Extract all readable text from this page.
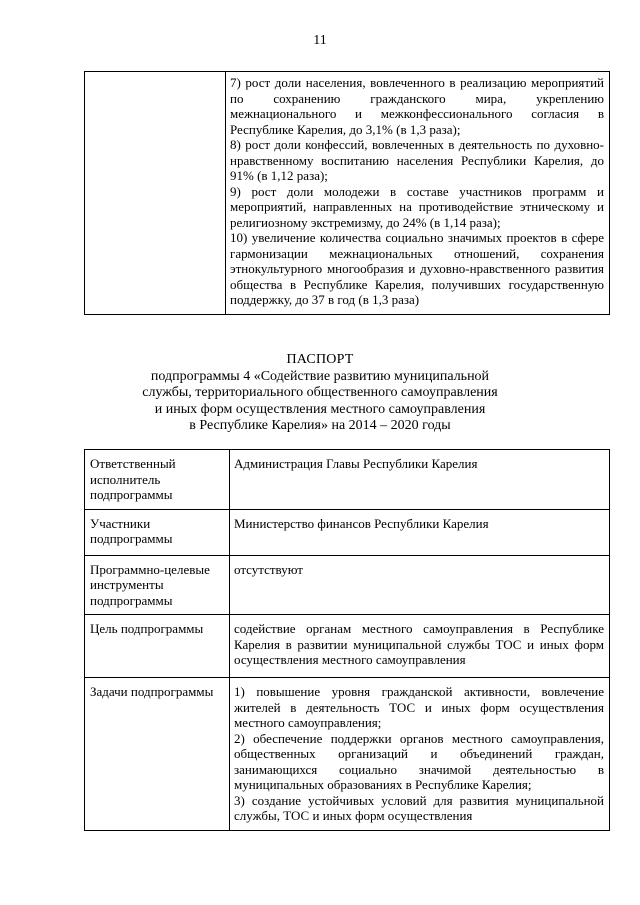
11

7) рост доли населения, вовлеченного в реализацию мероприятий по сохранению гражданского мира, укреплению межнационального и межконфессионального согласия в Республике Карелия, до 3,1% (в 1,3 раза);

8) рост доли конфессий, вовлеченных в деятельность по духовно-нравственному воспитанию населения Республики Карелия, до 91% (в 1,12 раза);

9) рост доли молодежи в составе участников программ и мероприятий, направленных на противодействие этническому и религиозному экстремизму, до 24% (в 1,14 раза);

10) увеличение количества социально значимых проектов в сфере гармонизации межнациональных отношений, сохранения этнокультурного многообразия и духовно-нравственного развития общества в Республике Карелия, получивших государственную поддержку, до 37 в год (в 1,3 раза)

ПАСПОРТ
подпрограммы 4 «Содействие развитию муниципальной
службы, территориального общественного самоуправления
и иных форм осуществления местного самоуправления
в Республике Карелия» на 2014 – 2020 годы

Ответственный исполнитель подпрограммы	Администрация Главы Республики Карелия

Участники подпрограммы	Министерство финансов Республики Карелия

Программно-целевые инструменты подпрограммы	отсутствуют

Цель подпрограммы	содействие органам местного самоуправления в Республике Карелия в развитии муниципальной службы ТОС и иных форм осуществления местного самоуправления

Задачи подпрограммы	1) повышение уровня гражданской активности, вовлечение жителей в деятельность ТОС и иных форм осуществления местного самоуправления;

2) обеспечение поддержки органов местного самоуправления, общественных организаций и объединений граждан, занимающихся социально значимой деятельностью в муниципальных образованиях в Республике Карелия;

3) создание устойчивых условий для развития муниципальной службы, ТОС и иных форм осуществления
